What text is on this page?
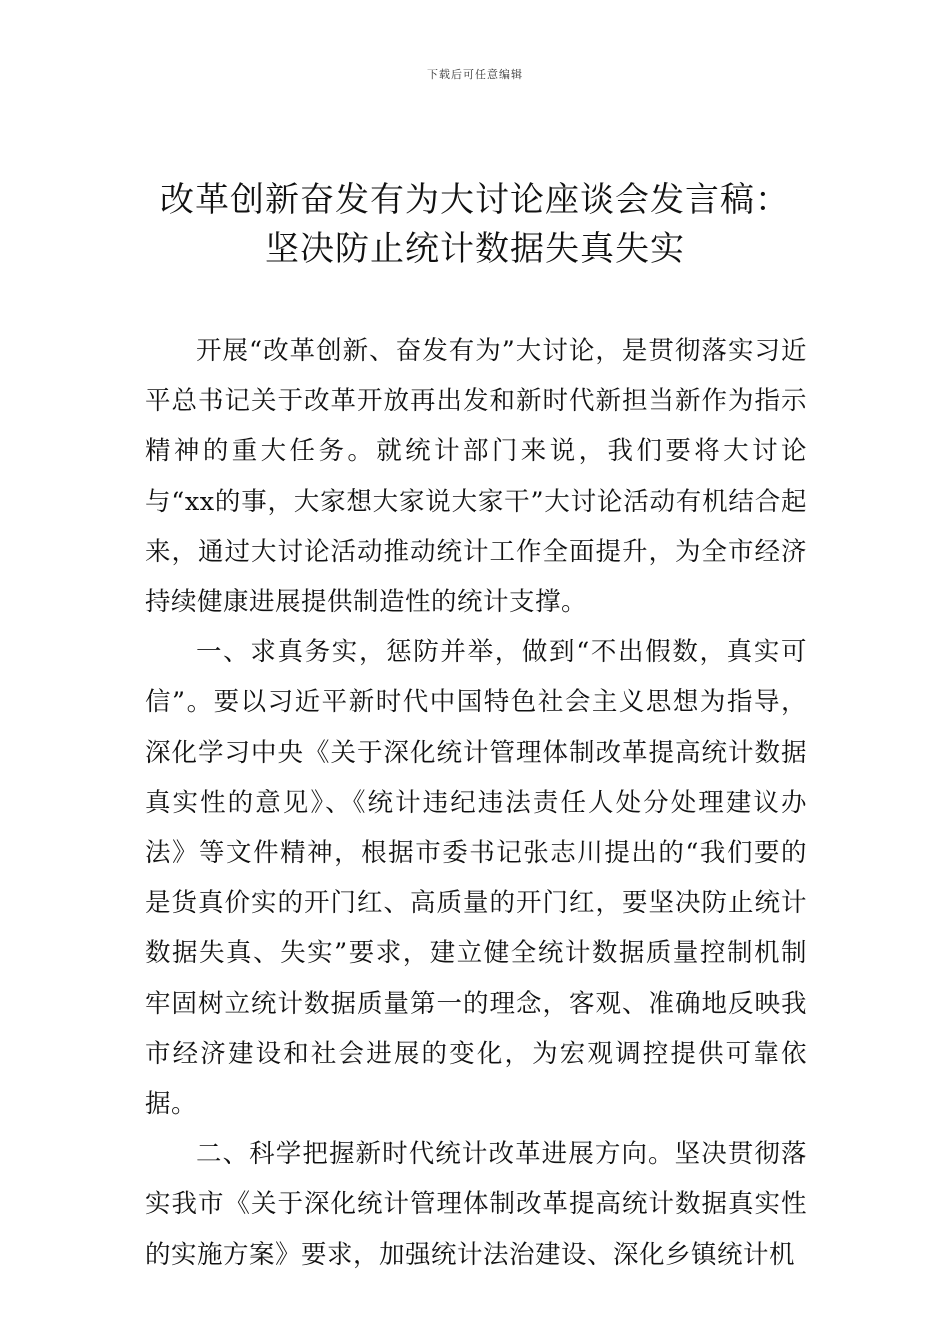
下载后可任意编辑
改革创新奋发有为大讨论座谈会发言稿：
坚决防止统计数据失真失实

开展“改革创新、奋发有为”大讨论，是贯彻落实习近平总书记关于改革开放再出发和新时代新担当新作为指示精神的重大任务。就统计部门来说，我们要将大讨论与“xx的事，大家想大家说大家干”大讨论活动有机结合起来，通过大讨论活动推动统计工作全面提升，为全市经济持续健康进展提供制造性的统计支撑。

一、求真务实，惩防并举，做到“不出假数，真实可信”。要以习近平新时代中国特色社会主义思想为指导，深化学习中央《关于深化统计管理体制改革提高统计数据真实性的意见》、《统计违纪违法责任人处分处理建议办法》等文件精神，根据市委书记张志川提出的“我们要的是货真价实的开门红、高质量的开门红，要坚决防止统计数据失真、失实”要求，建立健全统计数据质量控制机制牢固树立统计数据质量第一的理念，客观、准确地反映我市经济建设和社会进展的变化，为宏观调控提供可靠依据。

二、科学把握新时代统计改革进展方向。坚决贯彻落实我市《关于深化统计管理体制改革提高统计数据真实性的实施方案》要求，加强统计法治建设、深化乡镇统计机
